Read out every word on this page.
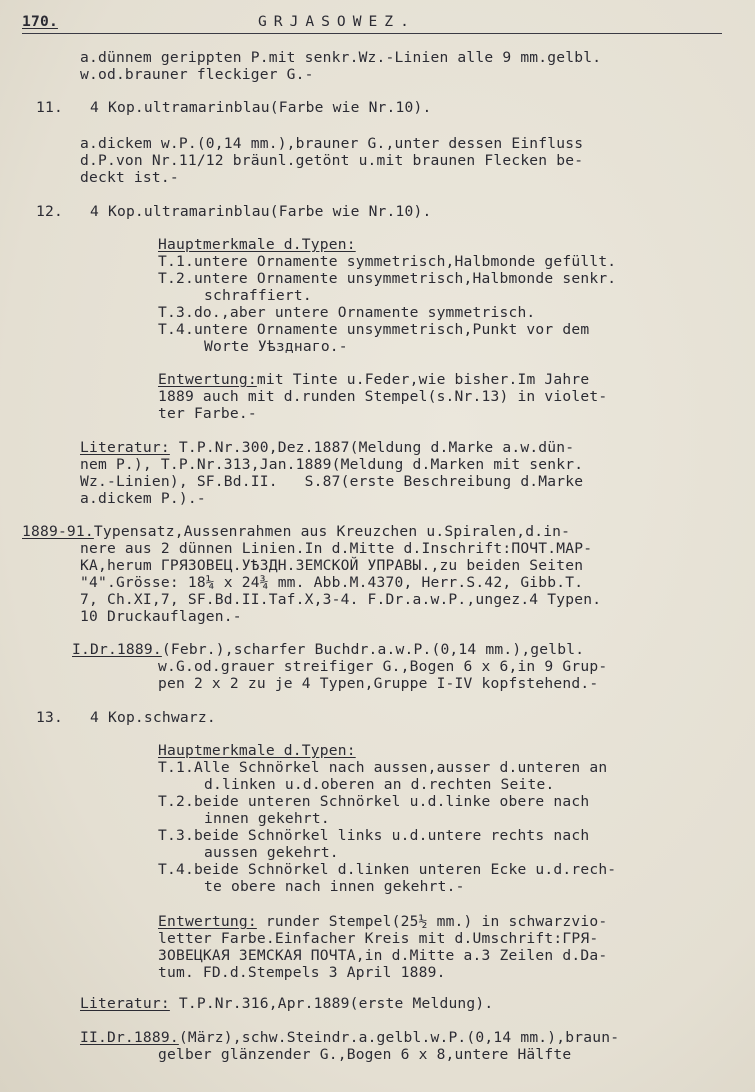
170.	GRJASOWEZ.
a.dünnem gerippten P.mit senkr.Wz.-Linien alle 9 mm.gelbl.
w.od.brauner fleckiger G.-
11. 4 Kop.ultramarinblau(Farbe wie Nr.10).
a.dickem w.P.(0,14 mm.),brauner G.,unter dessen Einfluss
d.P.von Nr.11/12 bräunl.getönt u.mit braunen Flecken be-
deckt ist.-
12. 4 Kop.ultramarinblau(Farbe wie Nr.10).
Hauptmerkmale d.Typen:
T.1.untere Ornamente symmetrisch,Halbmonde gefüllt.
T.2.untere Ornamente unsymmetrisch,Halbmonde senkr.
schraffiert.
T.3.do.,aber untere Ornamente symmetrisch.
T.4.untere Ornamente unsymmetrisch,Punkt vor dem
Worte Уѣзднаго.-
Entwertung:mit Tinte u.Feder,wie bisher.Im Jahre
1889 auch mit d.runden Stempel(s.Nr.13) in violet-
ter Farbe.-
Literatur: T.P.Nr.300,Dez.1887(Meldung d.Marke a.w.dün-
nem P.), T.P.Nr.313,Jan.1889(Meldung d.Marken mit senkr.
Wz.-Linien), SF.Bd.II.   S.87(erste Beschreibung d.Marke
a.dickem P.).-
1889-91.Typensatz,Aussenrahmen aus Kreuzchen u.Spiralen,d.in-
nere aus 2 dünnen Linien.In d.Mitte d.Inschrift:ПОЧТ.МАР-
КА,herum ГРЯЗОВЕЦ.УѢЗДН.ЗЕМСКОЙ УПРАВЫ.,zu beiden Seiten
"4".Grösse: 18¼ x 24¾ mm. Abb.M.4370, Herr.S.42, Gibb.T.
7, Ch.XI,7, SF.Bd.II.Taf.X,3-4. F.Dr.a.w.P.,ungez.4 Typen.
10 Druckauflagen.-
I.Dr.1889.(Febr.),scharfer Buchdr.a.w.P.(0,14 mm.),gelbl.
w.G.od.grauer streifiger G.,Bogen 6 x 6,in 9 Grup-
pen 2 x 2 zu je 4 Typen,Gruppe I-IV kopfstehend.-
13. 4 Kop.schwarz.
Hauptmerkmale d.Typen:
T.1.Alle Schnörkel nach aussen,ausser d.unteren an
d.linken u.d.oberen an d.rechten Seite.
T.2.beide unteren Schnörkel u.d.linke obere nach
innen gekehrt.
T.3.beide Schnörkel links u.d.untere rechts nach
aussen gekehrt.
T.4.beide Schnörkel d.linken unteren Ecke u.d.rech-
te obere nach innen gekehrt.-
Entwertung: runder Stempel(25½ mm.) in schwarzvio-
letter Farbe.Einfacher Kreis mit d.Umschrift:ГРЯ-
ЗОВЕЦКАЯ ЗЕМСКАЯ ПОЧТА,in d.Mitte a.3 Zeilen d.Da-
tum. FD.d.Stempels 3 April 1889.
Literatur: T.P.Nr.316,Apr.1889(erste Meldung).
II.Dr.1889.(März),schw.Steindr.a.gelbl.w.P.(0,14 mm.),braun-
gelber glänzender G.,Bogen 6 x 8,untere Hälfte
